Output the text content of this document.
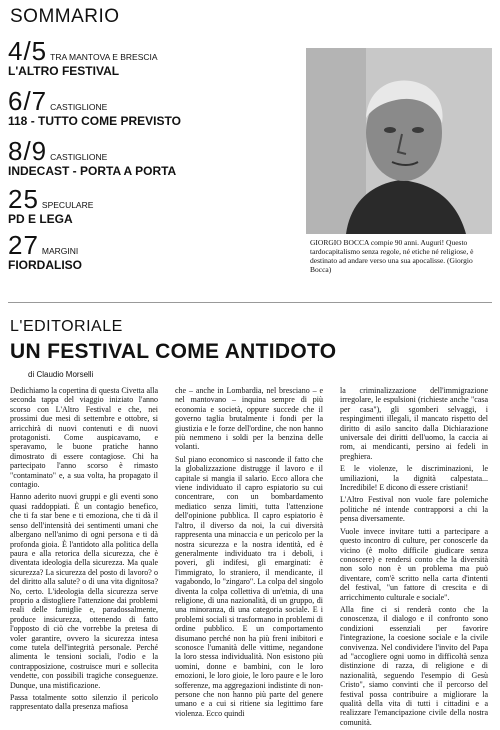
SOMMARIO
4/5 TRA MANTOVA E BRESCIA
L'ALTRO FESTIVAL
6/7 CASTIGLIONE
118 - TUTTO COME PREVISTO
8/9 CASTIGLIONE
INDECAST - PORTA A PORTA
25 SPECULARE
PD E LEGA
27 MARGINI
FIORDALISO
GIORGIO BOCCA compie 90 anni. Auguri! Questo tardocapitalismo senza regole, né etiche né religiose, è destinato ad andare verso una sua apocalisse. (Giorgio Bocca)
L'EDITORIALE
UN FESTIVAL COME ANTIDOTO
di Claudio Morselli

Dedichiamo la copertina di questa Civetta alla seconda tappa del viaggio iniziato l'anno scorso con L'Altro Festival e che, nei prossimi due mesi di settembre e ottobre, si arricchirà di nuovi contenuti e di nuovi protagonisti. Come auspicavamo, e speravamo, le buone pratiche hanno dimostrato di essere contagiose. Chi ha partecipato l'anno scorso è rimasto "contaminato" e, a sua volta, ha propagato il contagio.

Hanno aderito nuovi gruppi e gli eventi sono quasi raddoppiati. È un contagio benefico, che ti fa star bene e ti emoziona, che ti dà il senso dell'intensità dei sentimenti umani che albergano nell'animo di ogni persona e ti dà profonda gioia. È l'antidoto alla politica della paura e alla retorica della sicurezza, che è diventata ideologia della sicurezza. Ma quale sicurezza? La sicurezza del posto di lavoro? o del diritto alla salute? o di una vita dignitosa? No, certo. L'ideologia della sicurezza serve proprio a distogliere l'attenzione dai problemi reali delle famiglie e, paradossalmente, produce insicurezza, ottenendo di fatto l'opposto di ciò che vorrebbe la pretesa di voler garantire, ovvero la sicurezza intesa come tutela dell'integrità personale. Perché alimenta le tensioni sociali, l'odio e la contrapposizione, costruisce muri e sollecita vendette, con possibili tragiche conseguenze. Dunque, una mistificazione.

Passa totalmente sotto silenzio il pericolo rappresentato dalla presenza mafiosa

che – anche in Lombardia, nel bresciano – e nel mantovano – inquina sempre di più economia e società, oppure succede che il governo taglia brutalmente i fondi per la giustizia e le forze dell'ordine, che non hanno più nemmeno i soldi per la benzina delle volanti.

Sul piano economico si nasconde il fatto che la globalizzazione distrugge il lavoro e il capitale si mangia il salario. Ecco allora che viene individuato il capro espiatorio su cui concentrare, con un bombardamento mediatico senza limiti, tutta l'attenzione dell'opinione pubblica. Il capro espiatorio è l'altro, il diverso da noi, la cui diversità rappresenta una minaccia e un pericolo per la nostra sicurezza e la nostra identità, ed è generalmente individuato tra i deboli, i poveri, gli indifesi, gli emarginati: è l'immigrato, lo straniero, il mendicante, il vagabondo, lo "zingaro". La colpa del singolo diventa la colpa collettiva di un'etnia, di una religione, di una nazionalità, di un gruppo, di una minoranza, di una categoria sociale. E i problemi sociali si trasformano in problemi di ordine pubblico. E un comportamento disumano perché non ha più freni inibitori e sconosce l'umanità delle vittime, negandone la loro stessa individualità. Non esistono più uomini, donne e bambini, con le loro emozioni, le loro gioie, le loro paure e le loro sofferenze, ma aggregazioni indistinte di non-persone che non hanno più parte del genere umano e a cui si ritiene sia legittimo fare violenza. Ecco quindi

la criminalizzazione dell'immigrazione irregolare, le espulsioni (richieste anche "casa per casa"), gli sgomberi selvaggi, i respingimenti illegali, il mancato rispetto del diritto di asilo sancito dalla Dichiarazione universale dei diritti dell'uomo, la caccia ai rom, ai mendicanti, persino ai fedeli in preghiera.

E le violenze, le discriminazioni, le umiliazioni, la dignità calpestata... Incredibile! E dicono di essere cristiani!

L'Altro Festival non vuole fare polemiche politiche né intende contrapporsi a chi la pensa diversamente.

Vuole invece invitare tutti a partecipare a questo incontro di culture, per conoscerle da vicino (è molto difficile giudicare senza conoscere) e rendersi conto che la diversità non solo non è un problema ma può diventare, com'è scritto nella carta d'intenti del festival, "un fattore di crescita e di arricchimento culturale e sociale".

Alla fine ci si renderà conto che la conoscenza, il dialogo e il confronto sono condizioni essenziali per favorire l'integrazione, la coesione sociale e la civile convivenza. Nel condividere l'invito del Papa ad "accogliere ogni uomo in difficoltà senza distinzione di razza, di religione e di nazionalità, seguendo l'esempio di Gesù Cristo", siamo convinti che il percorso del festival possa contribuire a migliorare la qualità della vita di tutti i cittadini e a realizzare l'emancipazione civile della nostra comunità.
